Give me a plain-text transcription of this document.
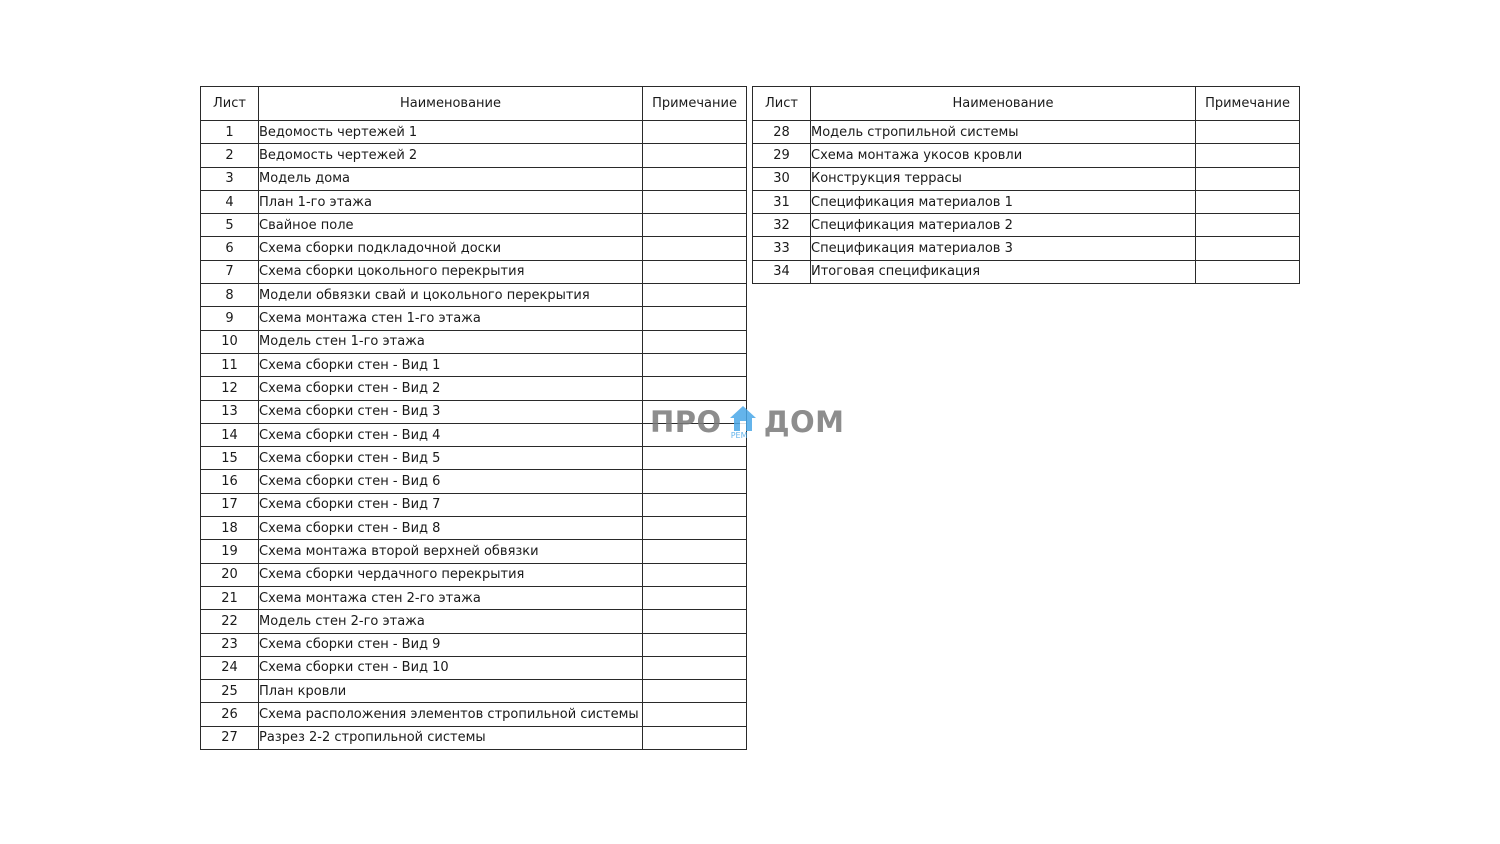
Лист	Наименование	Примечание
1	Ведомость чертежей 1	
2	Ведомость чертежей 2	
3	Модель дома	
4	План 1-го этажа	
5	Свайное поле	
6	Схема сборки подкладочной доски	
7	Схема сборки цокольного перекрытия	
8	Модели обвязки свай и цокольного перекрытия	
9	Схема монтажа стен 1-го этажа	
10	Модель стен 1-го этажа	
11	Схема сборки стен - Вид 1	
12	Схема сборки стен - Вид 2	
13	Схема сборки стен - Вид 3	
14	Схема сборки стен - Вид 4	
15	Схема сборки стен - Вид 5	
16	Схема сборки стен - Вид 6	
17	Схема сборки стен - Вид 7	
18	Схема сборки стен - Вид 8	
19	Схема монтажа второй верхней обвязки	
20	Схема сборки чердачного перекрытия	
21	Схема монтажа стен 2-го этажа	
22	Модель стен 2-го этажа	
23	Схема сборки стен - Вид 9	
24	Схема сборки стен - Вид 10	
25	План кровли	
26	Схема расположения элементов стропильной системы	
27	Разрез 2-2 стропильной системы	
Лист	Наименование	Примечание
28	Модель стропильной системы	
29	Схема монтажа укосов кровли	
30	Конструкция террасы	
31	Спецификация материалов 1	
32	Спецификация материалов 2	
33	Спецификация материалов 3	
34	Итоговая спецификация	
ПРО РЕМ ДОМ
